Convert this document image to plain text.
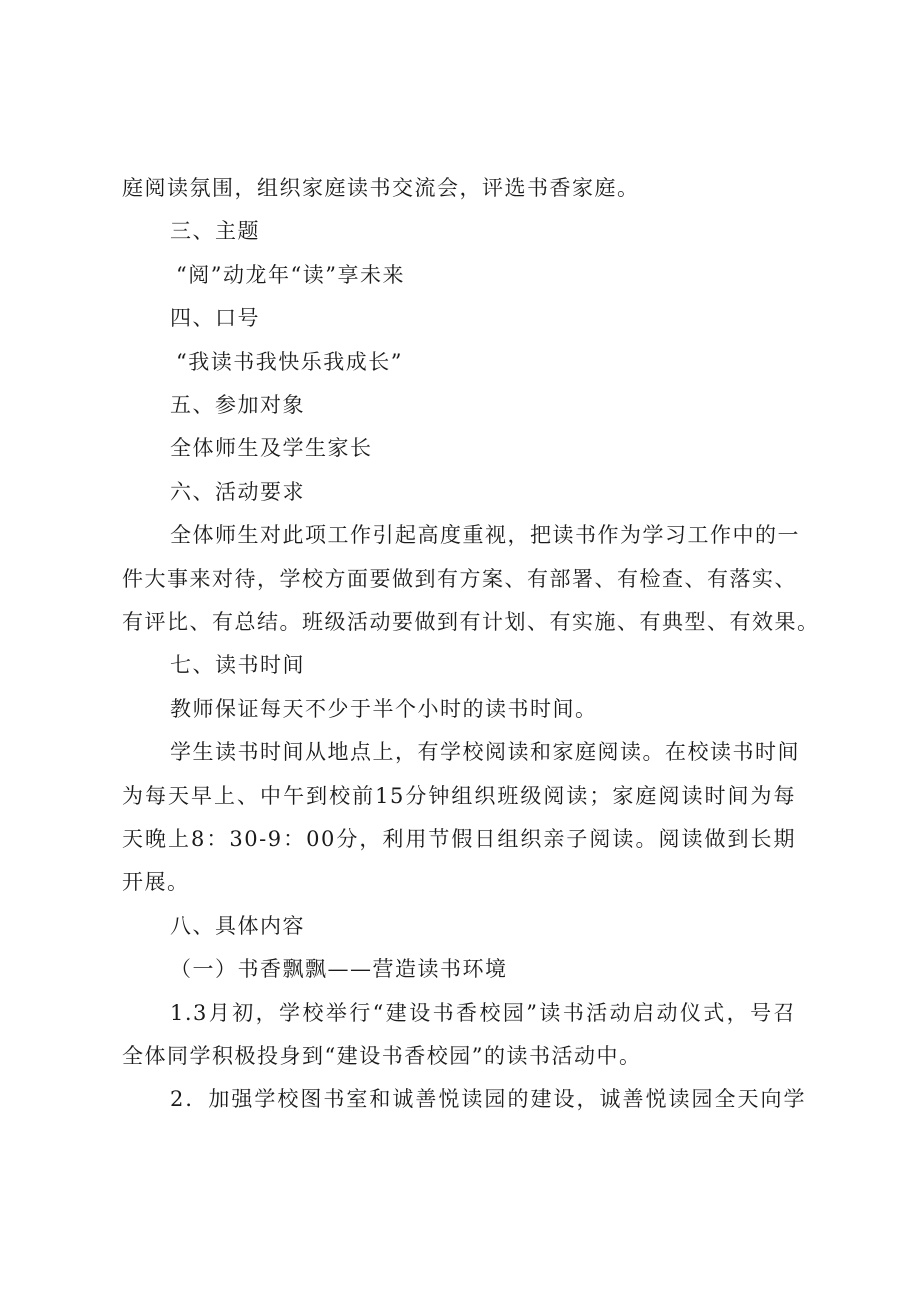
庭阅读氛围，组织家庭读书交流会，评选书香家庭。
三、主题
“阅”动龙年“读”享未来
四、口号
“我读书我快乐我成长”
五、参加对象
全体师生及学生家长
六、活动要求
全体师生对此项工作引起高度重视，把读书作为学习工作中的一
件大事来对待，学校方面要做到有方案、有部署、有检查、有落实、
有评比、有总结。班级活动要做到有计划、有实施、有典型、有效果。
七、读书时间
教师保证每天不少于半个小时的读书时间。
学生读书时间从地点上，有学校阅读和家庭阅读。在校读书时间
为每天早上、中午到校前15分钟组织班级阅读；家庭阅读时间为每
天晚上8：30-9：00分，利用节假日组织亲子阅读。阅读做到长期
开展。
八、具体内容
（一）书香飘飘——营造读书环境
1.3月初，学校举行“建设书香校园”读书活动启动仪式，号召
全体同学积极投身到“建设书香校园”的读书活动中。
2．加强学校图书室和诚善悦读园的建设，诚善悦读园全天向学
